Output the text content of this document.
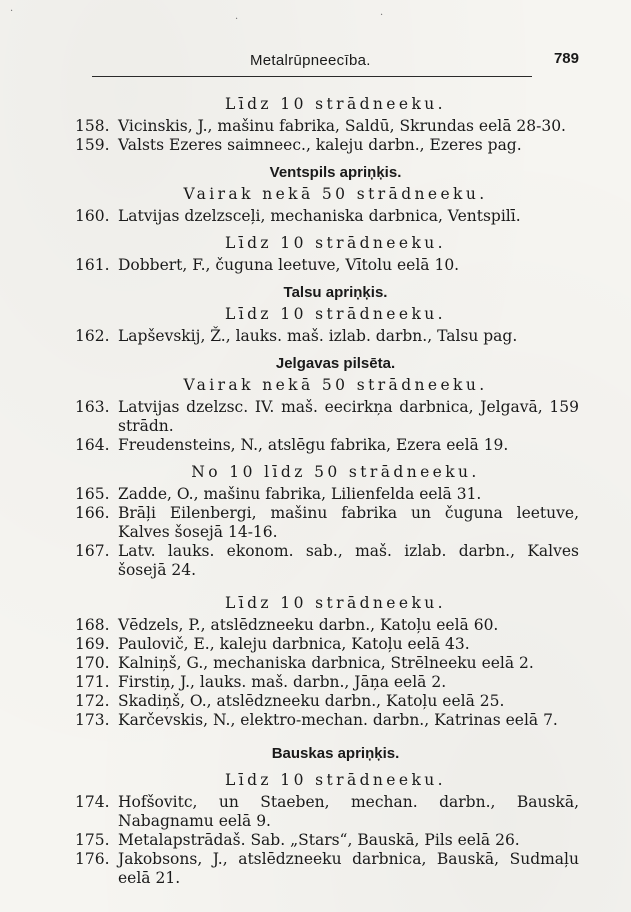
Metalrūpneecība.	789
·	·
·
Līdz 10 strādneeku.
158. Vicinskis, J., mašinu fabrika, Saldū, Skrundas eelā 28-30.
159. Valsts Ezeres saimneec., kaleju darbn., Ezeres pag.
Ventspils apriņķis.
Vairak nekā 50 strādneeku.
160. Latvijas dzelzsceļi, mechaniska darbnica, Ventspilī.
Līdz 10 strādneeku.
161. Dobbert, F., čuguna leetuve, Vītolu eelā 10.
Talsu apriņķis.
Līdz 10 strādneeku.
162. Lapševskij, Ž., lauks. maš. izlab. darbn., Talsu pag.
Jelgavas pilsēta.
Vairak nekā 50 strādneeku.
163. Latvijas dzelzsc. IV. maš. eecirkņa darbnica, Jelgavā, 159 strādn.
164. Freudensteins, N., atslēgu fabrika, Ezera eelā 19.
No 10 līdz 50 strādneeku.
165. Zadde, O., mašinu fabrika, Lilienfelda eelā 31.
166. Brāļi Eilenbergi, mašinu fabrika un čuguna leetuve, Kalves šosejā 14-16.
167. Latv. lauks. ekonom. sab., maš. izlab. darbn., Kalves šosejā 24.
Līdz 10 strādneeku.
168. Vēdzels, P., atslēdzneeku darbn., Katoļu eelā 60.
169. Paulovič, E., kaleju darbnica, Katoļu eelā 43.
170. Kalniņš, G., mechaniska darbnica, Strēlneeku eelā 2.
171. Firstiņ, J., lauks. maš. darbn., Jāņa eelā 2.
172. Skadiņš, O., atslēdzneeku darbn., Katoļu eelā 25.
173. Karčevskis, N., elektro-mechan. darbn., Katrinas eelā 7.
Bauskas apriņķis.
Līdz 10 strādneeku.
174. Hofšovitc, un Staeben, mechan. darbn., Bauskā, Nabagnamu eelā 9.
175. Metalapstrādaš. Sab. „Stars“, Bauskā, Pils eelā 26.
176. Jakobsons, J., atslēdzneeku darbnica, Bauskā, Sudmaļu eelā 21.
